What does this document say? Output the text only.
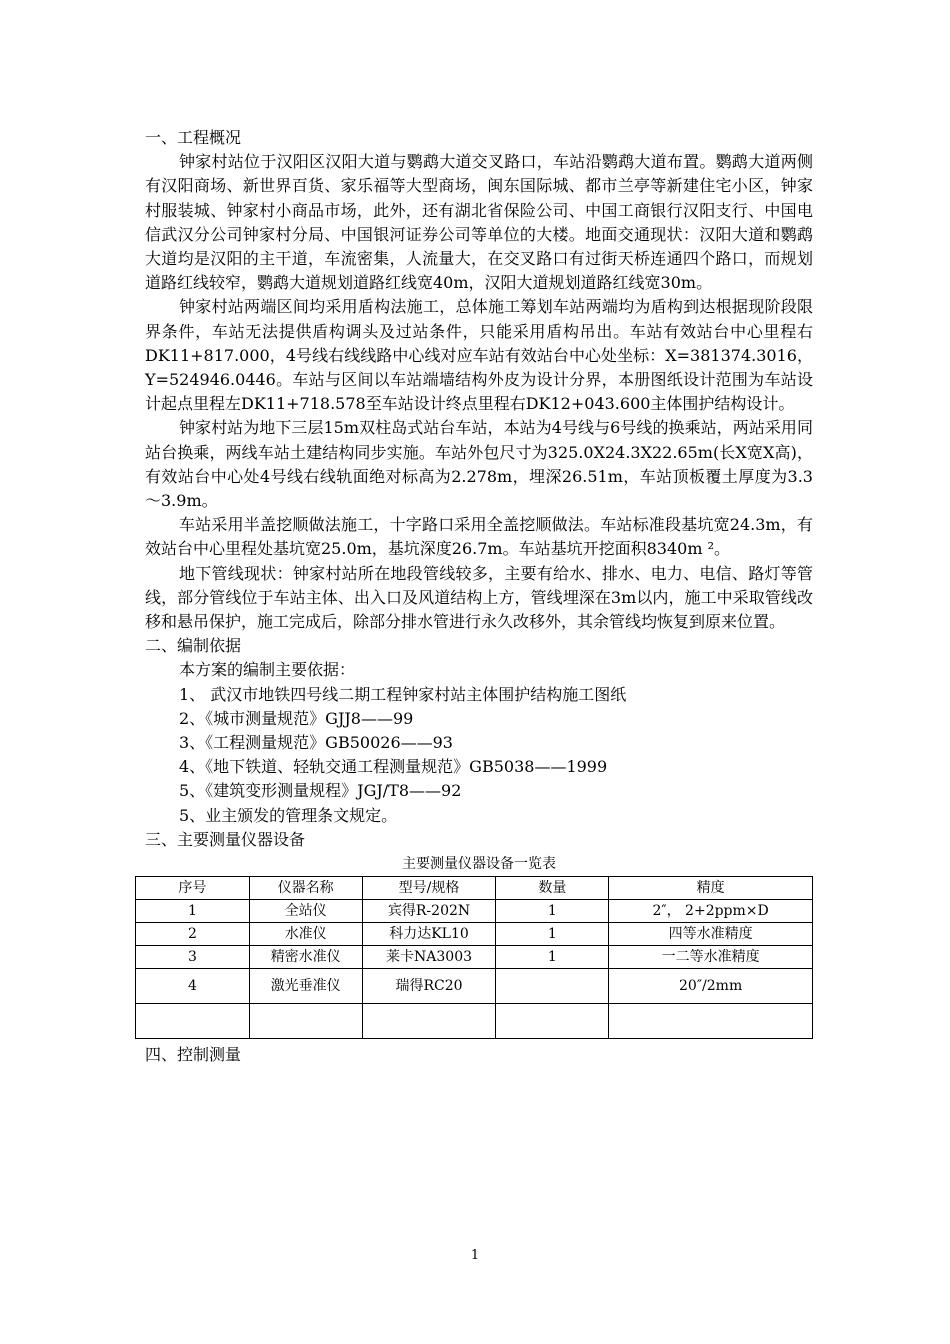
一、工程概况

钟家村站位于汉阳区汉阳大道与鹦鹉大道交叉路口，车站沿鹦鹉大道布置。鹦鹉大道两侧有汉阳商场、新世界百货、家乐福等大型商场，闽东国际城、都市兰亭等新建住宅小区，钟家村服装城、钟家村小商品市场，此外，还有湖北省保险公司、中国工商银行汉阳支行、中国电信武汉分公司钟家村分局、中国银河证券公司等单位的大楼。地面交通现状：汉阳大道和鹦鹉大道均是汉阳的主干道，车流密集，人流量大，在交叉路口有过街天桥连通四个路口，而规划道路红线较窄，鹦鹉大道规划道路红线宽40m，汉阳大道规划道路红线宽30m。

钟家村站两端区间均采用盾构法施工，总体施工筹划车站两端均为盾构到达根据现阶段限界条件，车站无法提供盾构调头及过站条件，只能采用盾构吊出。车站有效站台中心里程右DK11+817.000，4号线右线线路中心线对应车站有效站台中心处坐标：X=381374.3016，Y=524946.0446。车站与区间以车站端墙结构外皮为设计分界，本册图纸设计范围为车站设计起点里程左DK11+718.578至车站设计终点里程右DK12+043.600主体围护结构设计。

钟家村站为地下三层15m双柱岛式站台车站，本站为4号线与6号线的换乘站，两站采用同站台换乘，两线车站土建结构同步实施。车站外包尺寸为325.0X24.3X22.65m(长X宽X高)，有效站台中心处4号线右线轨面绝对标高为2.278m，埋深26.51m，车站顶板覆土厚度为3.3～3.9m。

车站采用半盖挖顺做法施工，十字路口采用全盖挖顺做法。车站标准段基坑宽24.3m，有效站台中心里程处基坑宽25.0m，基坑深度26.7m。车站基坑开挖面积8340m ²。

地下管线现状：钟家村站所在地段管线较多，主要有给水、排水、电力、电信、路灯等管线，部分管线位于车站主体、出入口及风道结构上方，管线埋深在3m以内，施工中采取管线改移和悬吊保护，施工完成后，除部分排水管进行永久改移外，其余管线均恢复到原来位置。

二、编制依据

本方案的编制主要依据：

1、 武汉市地铁四号线二期工程钟家村站主体围护结构施工图纸

2、《城市测量规范》GJJ8——99

3、《工程测量规范》GB50026——93

4、《地下铁道、轻轨交通工程测量规范》GB5038——1999

5、《建筑变形测量规程》JGJ/T8——92

5、业主颁发的管理条文规定。

三、主要测量仪器设备

主要测量仪器设备一览表
序号	仪器名称	型号/规格	数量	精度
1	全站仪	宾得R-202N	1	2″， 2+2ppm×D
2	水准仪	科力达KL10	1	四等水准精度
3	精密水准仪	莱卡NA3003	1	一二等水准精度
4	激光垂准仪	瑞得RC20		20″/2mm

四、控制测量

1
